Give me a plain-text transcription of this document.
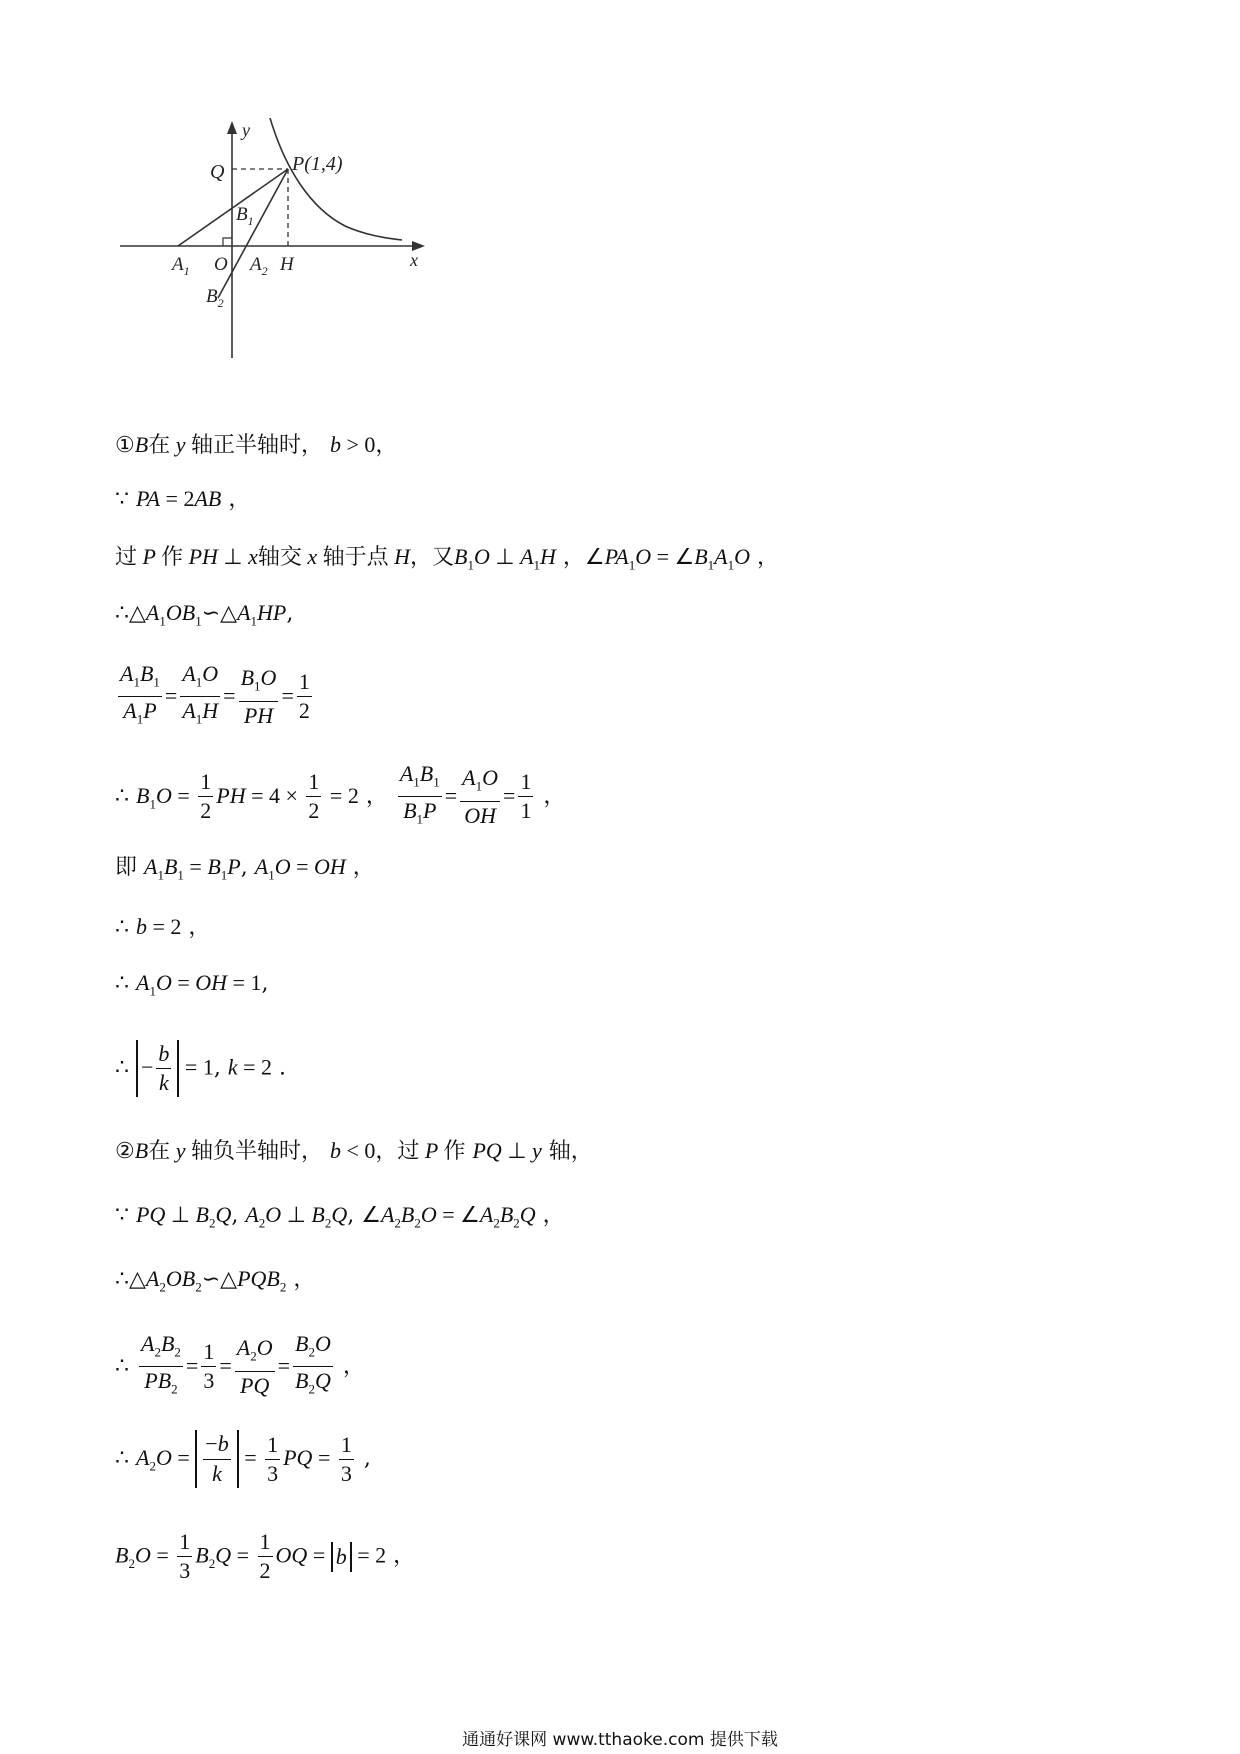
y
x
Q	P(1,4)
$B_1$
$A_1$ O $A_2$ H
$B_2$
①B在 y 轴正半轴时， b > 0，
∵ PA = 2AB ，
过 P 作 PH ⊥ x轴交 x 轴于点 H，又$B_1O$ ⊥ $A_1H$ ，$\angle PA_1O$ = $\angle B_1A_1O$ ，
$\therefore\triangle A_1OB_1∽\triangle A_1HP$,
$\frac{A_1B_1}{A_1P} = \frac{A_1O}{A_1H} = \frac{B_1O}{PH} = \frac{1}{2}$
∴ $B_1O = \frac{1}{2}$ PH = $4 \times \frac{1}{2} = 2$ ， $\frac{A_1B_1}{B_1P} = \frac{A_1O}{OH} = \frac{1}{1}$ ，
即 $A_1B_1 = B_1P$, $A_1O$ = OH ，
∴ b = 2 ，
∴ $A_1O$ = OH = 1,
∴ − $\frac{b}{k} = 1$, k = 2 .
②B在 y 轴负半轴时， b < 0，过 P 作 PQ ⊥ y 轴，
∵ PQ ⊥ $B_2Q$, $A_2O$ ⊥ $B_2Q$, $\angle A_2B_2O$ = $\angle A_2B_2Q$ ，
$\therefore\triangle A_2OB_2∽\triangle PQB_2$ ，
∴ $\frac{A_2B_2}{PB_2} = \frac{1}{3} = \frac{A_2O}{PQ} = \frac{B_2O}{B_2Q}$ ，
∴ $A_2O = \frac{-b}{k} = \frac{1}{3}$ PQ = $\frac{1}{3}$ ,
$B_2O = \frac{1}{3} B_2Q = \frac{1}{2}$ OQ = b = 2 ，
通通好课网 www.tthaoke.com 提供下载
